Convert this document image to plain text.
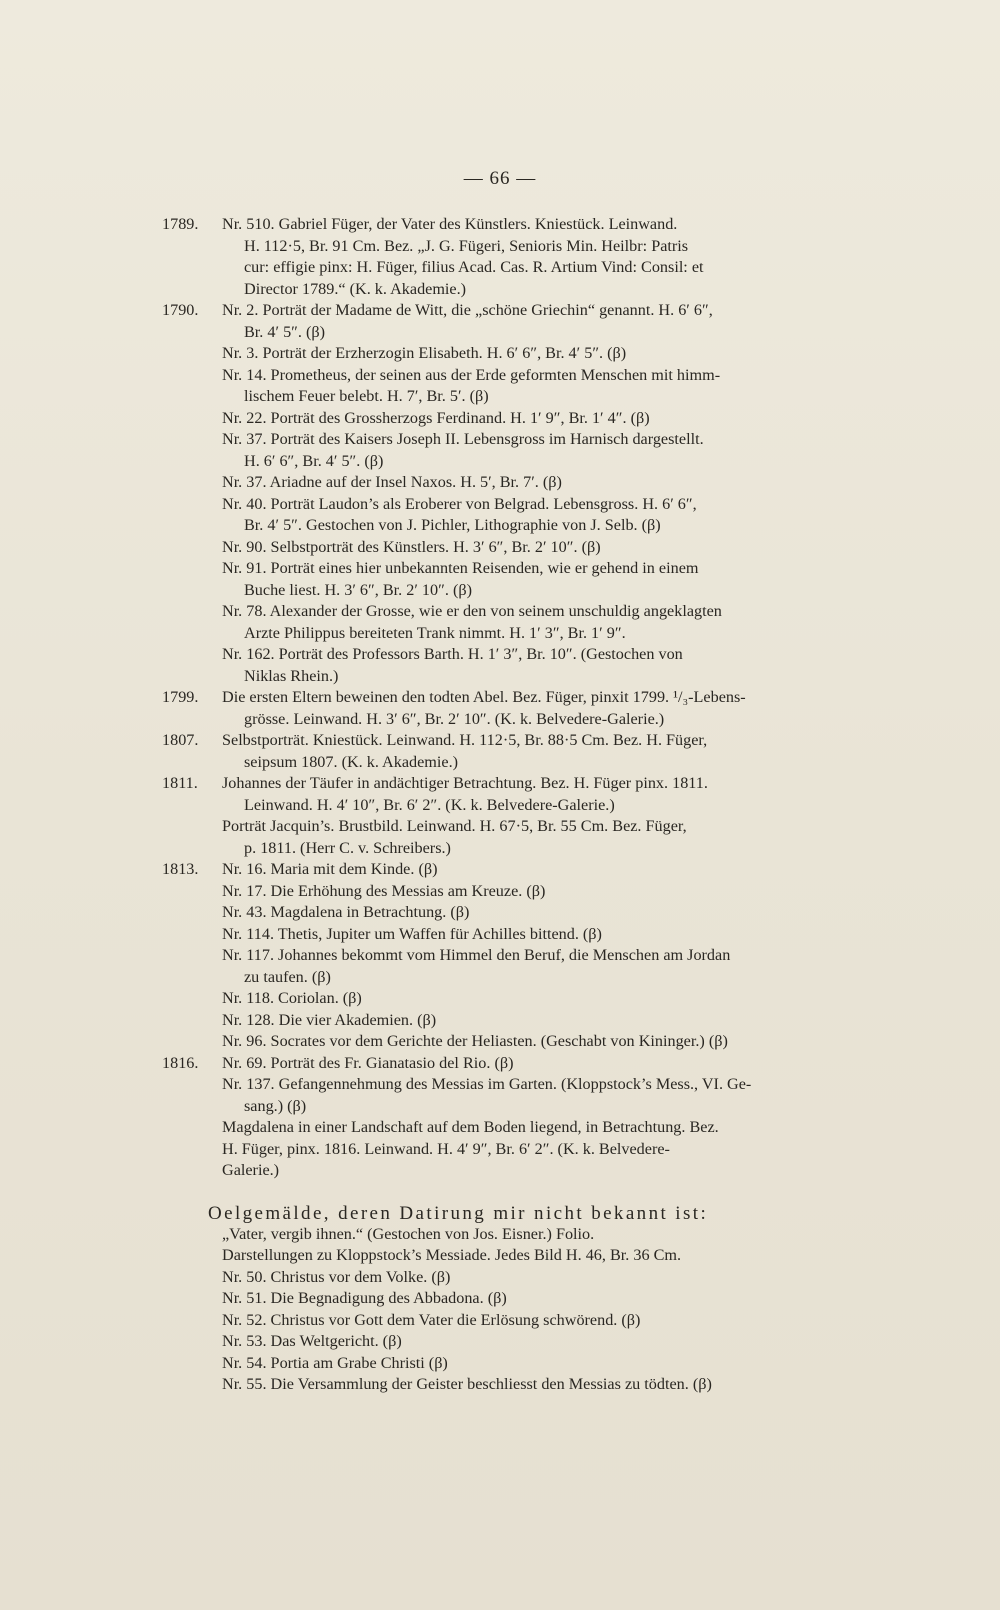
— 66 —
1789.	Nr. 510. Gabriel Füger, der Vater des Künstlers. Kniestück. Leinwand.
H. 112·5, Br. 91 Cm. Bez. „J. G. Fügeri, Senioris Min. Heilbr: Patris
cur: effigie pinx: H. Füger, filius Acad. Cas. R. Artium Vind: Consil: et
Director 1789.“ (K. k. Akademie.)
1790.	Nr. 2. Porträt der Madame de Witt, die „schöne Griechin“ genannt. H. 6′ 6″,
Br. 4′ 5″. (β)
Nr. 3. Porträt der Erzherzogin Elisabeth. H. 6′ 6″, Br. 4′ 5″. (β)
Nr. 14. Prometheus, der seinen aus der Erde geformten Menschen mit himm-
lischem Feuer belebt. H. 7′, Br. 5′. (β)
Nr. 22. Porträt des Grossherzogs Ferdinand. H. 1′ 9″, Br. 1′ 4″. (β)
Nr. 37. Porträt des Kaisers Joseph II. Lebensgross im Harnisch dargestellt.
H. 6′ 6″, Br. 4′ 5″. (β)
Nr. 37. Ariadne auf der Insel Naxos. H. 5′, Br. 7′. (β)
Nr. 40. Porträt Laudon’s als Eroberer von Belgrad. Lebensgross. H. 6′ 6″,
Br. 4′ 5″. Gestochen von J. Pichler, Lithographie von J. Selb. (β)
Nr. 90. Selbstporträt des Künstlers. H. 3′ 6″, Br. 2′ 10″. (β)
Nr. 91. Porträt eines hier unbekannten Reisenden, wie er gehend in einem
Buche liest. H. 3′ 6″, Br. 2′ 10″. (β)
Nr. 78. Alexander der Grosse, wie er den von seinem unschuldig angeklagten
Arzte Philippus bereiteten Trank nimmt. H. 1′ 3″, Br. 1′ 9″.
Nr. 162. Porträt des Professors Barth. H. 1′ 3″, Br. 10″. (Gestochen von
Niklas Rhein.)
1799.	Die ersten Eltern beweinen den todten Abel. Bez. Füger, pinxit 1799. ¹/₃-Lebens-
grösse. Leinwand. H. 3′ 6″, Br. 2′ 10″. (K. k. Belvedere-Galerie.)
1807.	Selbstporträt. Kniestück. Leinwand. H. 112·5, Br. 88·5 Cm. Bez. H. Füger,
seipsum 1807. (K. k. Akademie.)
1811.	Johannes der Täufer in andächtiger Betrachtung. Bez. H. Füger pinx. 1811.
Leinwand. H. 4′ 10″, Br. 6′ 2″. (K. k. Belvedere-Galerie.)
Porträt Jacquin’s. Brustbild. Leinwand. H. 67·5, Br. 55 Cm. Bez. Füger,
p. 1811. (Herr C. v. Schreibers.)
1813.	Nr. 16. Maria mit dem Kinde. (β)
Nr. 17. Die Erhöhung des Messias am Kreuze. (β)
Nr. 43. Magdalena in Betrachtung. (β)
Nr. 114. Thetis, Jupiter um Waffen für Achilles bittend. (β)
Nr. 117. Johannes bekommt vom Himmel den Beruf, die Menschen am Jordan
zu taufen. (β)
Nr. 118. Coriolan. (β)
Nr. 128. Die vier Akademien. (β)
Nr. 96. Socrates vor dem Gerichte der Heliasten. (Geschabt von Kininger.) (β)
1816.	Nr. 69. Porträt des Fr. Gianatasio del Rio. (β)
Nr. 137. Gefangennehmung des Messias im Garten. (Kloppstock’s Mess., VI. Ge-
sang.) (β)
Magdalena in einer Landschaft auf dem Boden liegend, in Betrachtung. Bez.
H. Füger, pinx. 1816. Leinwand. H. 4′ 9″, Br. 6′ 2″. (K. k. Belvedere-
Galerie.)
Oelgemälde, deren Datirung mir nicht bekannt ist:
„Vater, vergib ihnen.“ (Gestochen von Jos. Eisner.) Folio.
Darstellungen zu Kloppstock’s Messiade. Jedes Bild H. 46, Br. 36 Cm.
Nr. 50. Christus vor dem Volke. (β)
Nr. 51. Die Begnadigung des Abbadona. (β)
Nr. 52. Christus vor Gott dem Vater die Erlösung schwörend. (β)
Nr. 53. Das Weltgericht. (β)
Nr. 54. Portia am Grabe Christi (β)
Nr. 55. Die Versammlung der Geister beschliesst den Messias zu tödten. (β)
